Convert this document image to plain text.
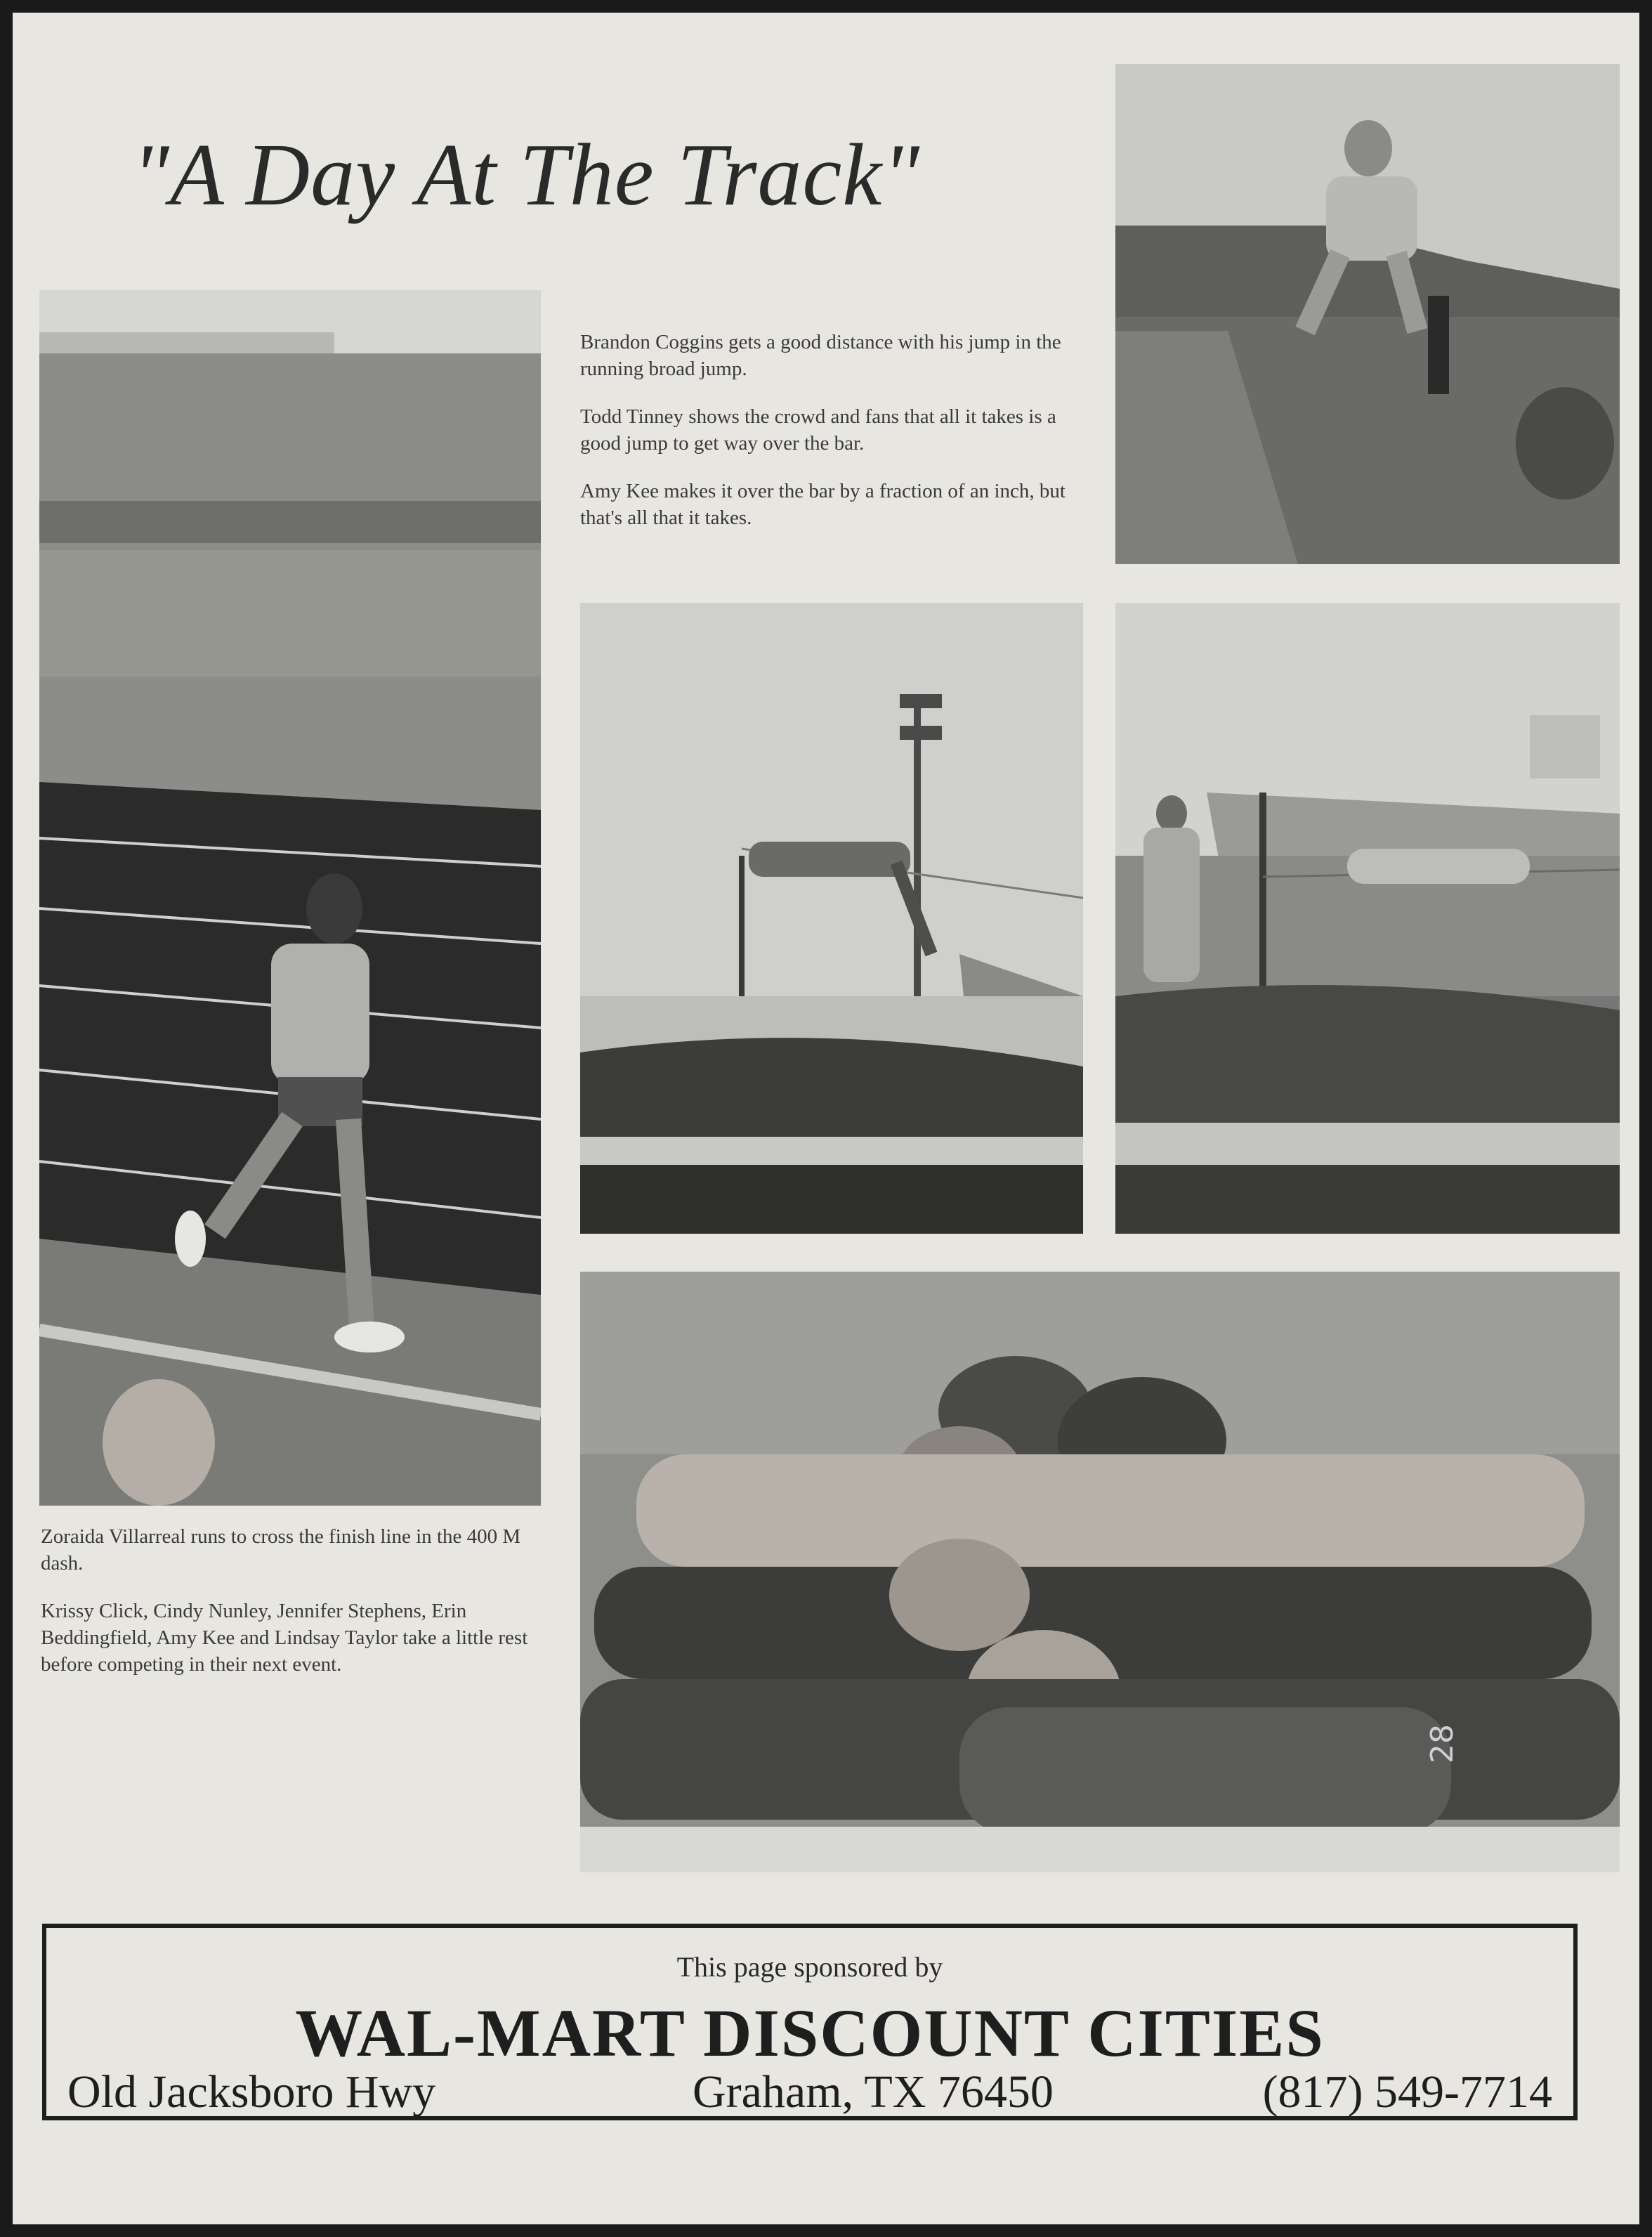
"A Day At The Track"
28

Brandon Coggins gets a good distance with his jump in the running broad jump.

Todd Tinney shows the crowd and fans that all it takes is a good jump to get way over the bar.

Amy Kee makes it over the bar by a fraction of an inch, but that's all that it takes.

Zoraida Villarreal runs to cross the finish line in the 400 M dash.

Krissy Click, Cindy Nunley, Jennifer Stephens, Erin Beddingfield, Amy Kee and Lindsay Taylor take a little rest before competing in their next event.

This page sponsored by
WAL-MART DISCOUNT CITIES
Old Jacksboro Hwy	Graham, TX 76450	(817) 549-7714
